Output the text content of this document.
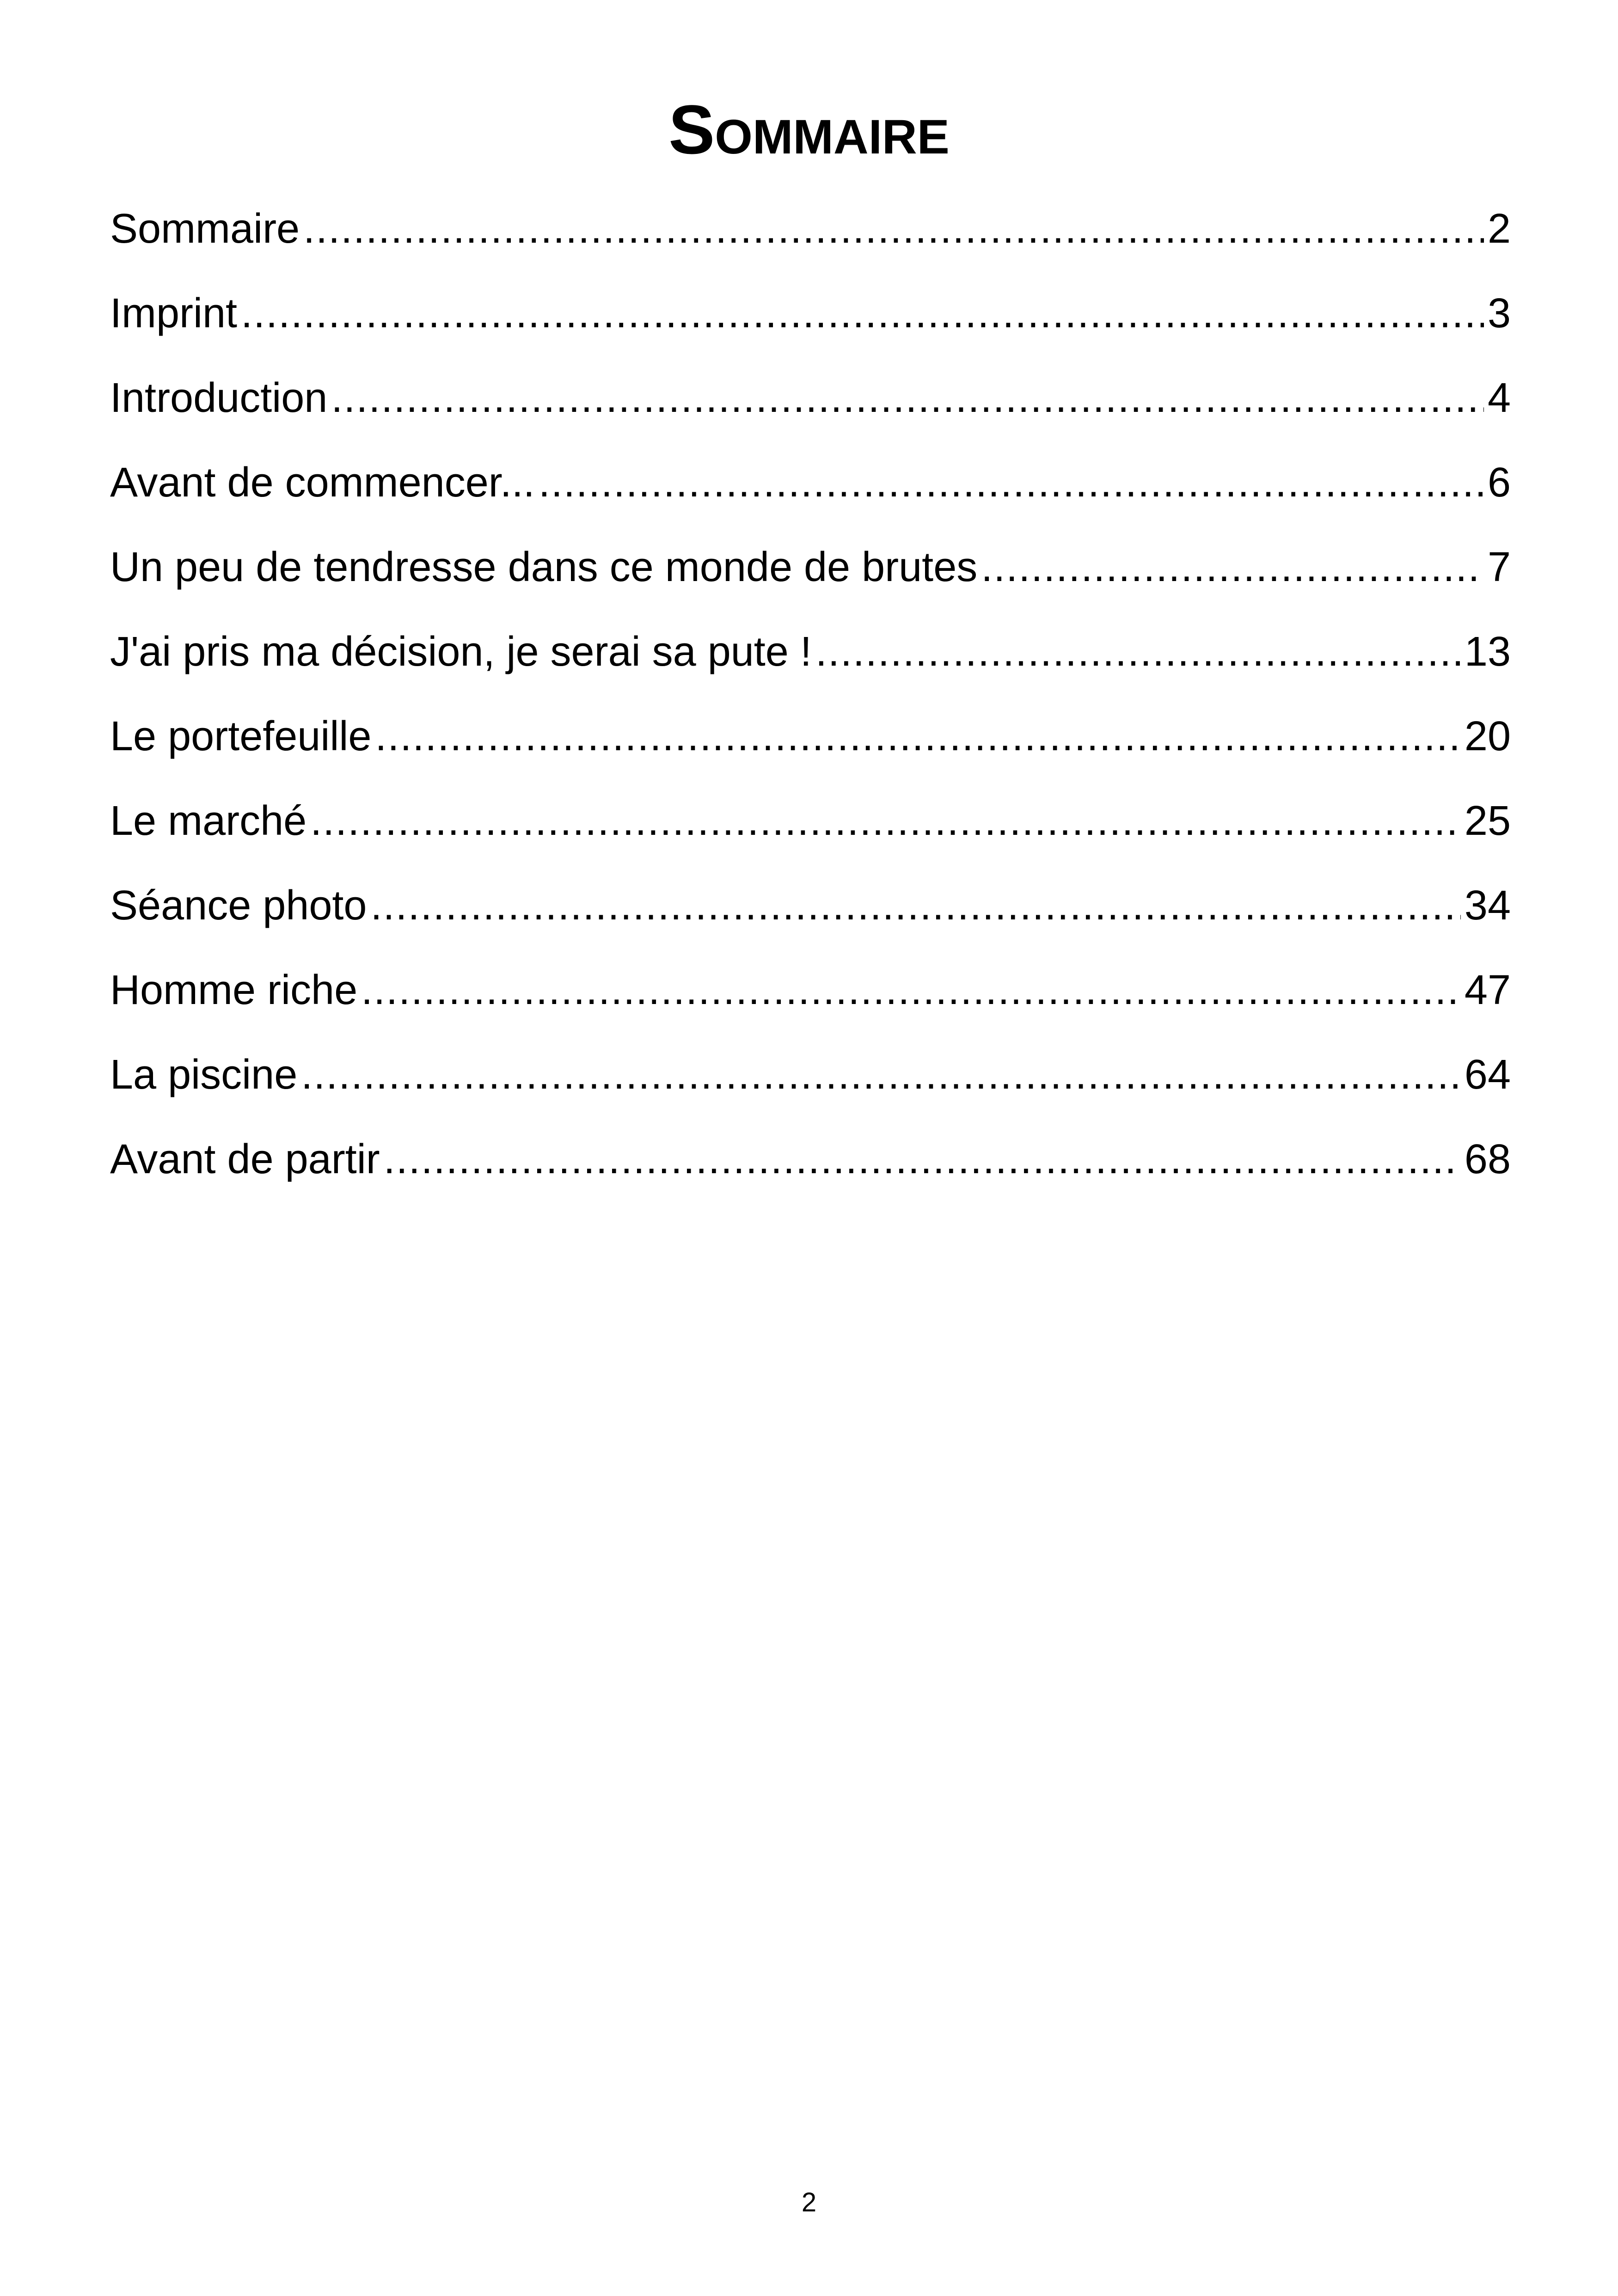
Sommaire
Sommaire .....	2
Imprint .....	3
Introduction .....	4
Avant de commencer... .....	6
Un peu de tendresse dans ce monde de brutes .....	7
J'ai pris ma décision, je serai sa pute ! .....	13
Le portefeuille .....	20
Le marché .....	25
Séance photo .....	34
Homme riche .....	47
La piscine .....	64
Avant de partir .....	68
2
